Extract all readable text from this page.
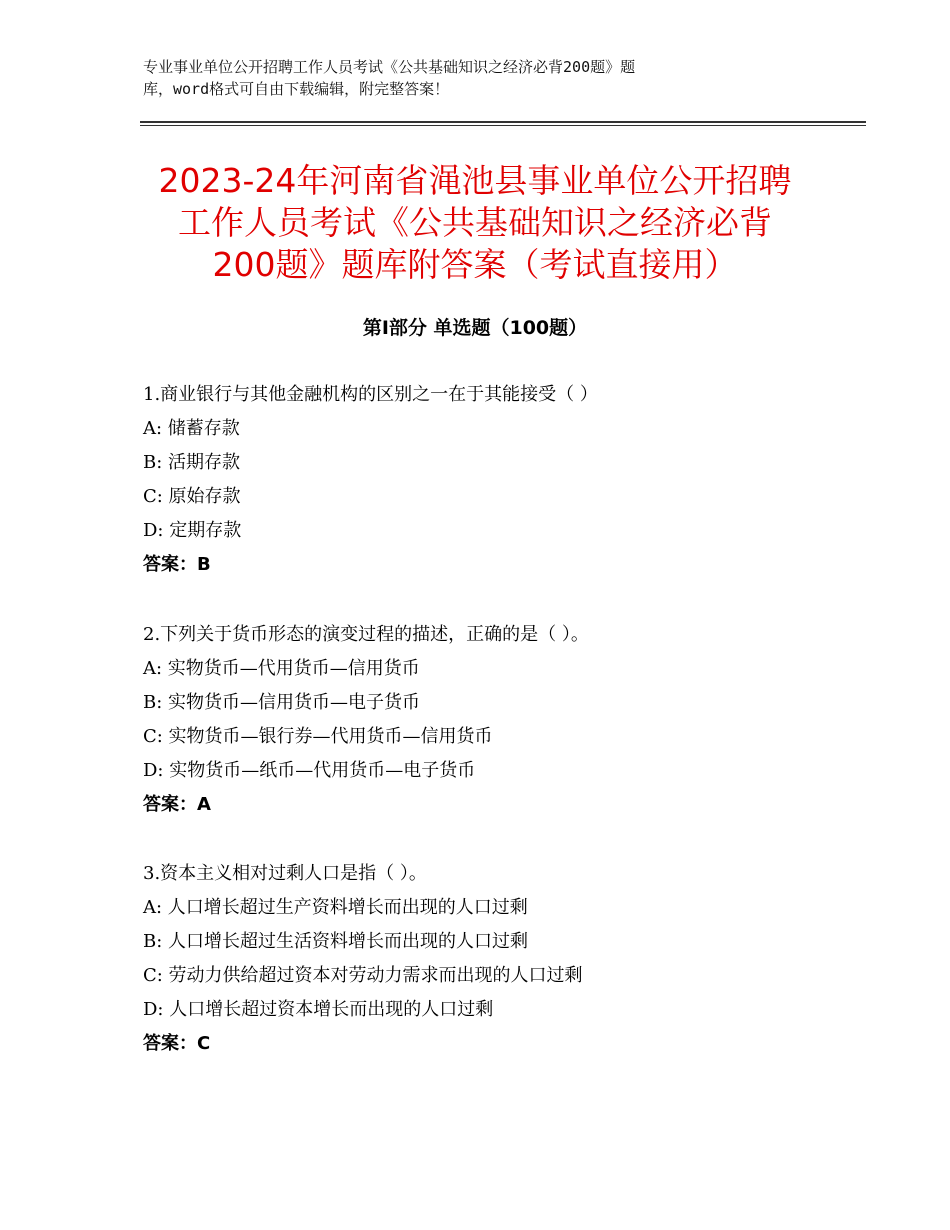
专业事业单位公开招聘工作人员考试《公共基础知识之经济必背200题》题
库，word格式可自由下载编辑，附完整答案！
2023-24年河南省渑池县事业单位公开招聘
工作人员考试《公共基础知识之经济必背
200题》题库附答案（考试直接用）
第Ⅰ部分 单选题（100题）
1.商业银行与其他金融机构的区别之一在于其能接受（ ）
A: 储蓄存款
B: 活期存款
C: 原始存款
D: 定期存款
答案：B
2.下列关于货币形态的演变过程的描述，正确的是（ ）。
A: 实物货币—代用货币—信用货币
B: 实物货币—信用货币—电子货币
C: 实物货币—银行券—代用货币—信用货币
D: 实物货币—纸币—代用货币—电子货币
答案：A
3.资本主义相对过剩人口是指（ ）。
A: 人口增长超过生产资料增长而出现的人口过剩
B: 人口增长超过生活资料增长而出现的人口过剩
C: 劳动力供给超过资本对劳动力需求而出现的人口过剩
D: 人口增长超过资本增长而出现的人口过剩
答案：C
